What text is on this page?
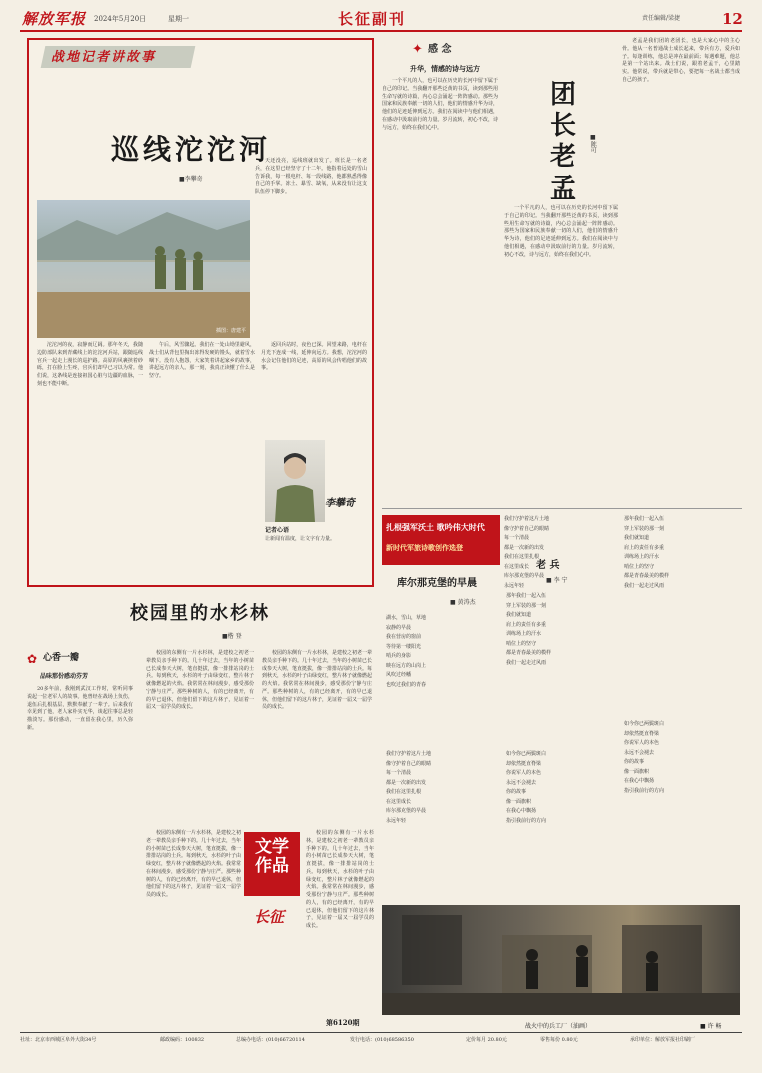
解放军报 2024年5月20日	星期一	长征副刊	责任编辑/梁捷	12
战地记者讲故事
巡线沱沱河
■李攀奇
插图：唐建平

天还没亮，巡线班就出发了。班长是一名老兵，在这里已经坚守了十二年。他指着远处的雪山告诉我，每一根电杆、每一段线路，他都熟悉得像自己的手掌。冻土、暴雪、缺氧，从来没有让这支队伍停下脚步。

沱沱河的夜，寂静而辽阔。那年冬天，我随边防部队来到青藏线上的沱沱河兵站，跟随巡线官兵一起走上漫长的巡护路。高原的风裹挟着砂砾，打在脸上生疼，官兵们却早已习以为常。他们说，这条线是连接祖国心脏与边疆的血脉，一刻也不能中断。

午后，风雪骤起。我们在一处山坳里避风，战士们从背包里掏出冻得发硬的馒头，就着雪水咽下。没有人抱怨，大家笑着讲起家乡的故事，讲起远方的亲人。那一刻，我真正读懂了什么是坚守。

返回兵站时，夜色已深。回望来路，电杆在月光下连成一线，延伸向远方。我想，沱沱河的水会记住他们的足迹，高原的风会传唱他们的故事。

李攀奇
记者心语
让新闻有温度，让文字有力量。
✦ 感 念
升华，情感的诗与远方

一个平凡的人，也可以在历史的长河中留下属于自己的印记。当我翻开那些泛黄的书页，读到那些用生命写就的诗篇，内心总会涌起一阵阵感动。那些为国家和民族奉献一切的人们，他们的情感升华为诗，他们的足迹延伸到远方。我们在阅读中与他们相遇，在感动中汲取前行的力量。岁月流转，初心不改，诗与远方，始终在我们心中。

一个平凡的人，也可以在历史的长河中留下属于自己的印记。当我翻开那些泛黄的书页，读到那些用生命写就的诗篇，内心总会涌起一阵阵感动。那些为国家和民族奉献一切的人们，他们的情感升华为诗，他们的足迹延伸到远方。我们在阅读中与他们相遇，在感动中汲取前行的力量。岁月流转，初心不改，诗与远方，始终在我们心中。

团长老孟
■陈可

老孟是我们团的老团长，也是大家心中的主心骨。他从一名普通战士成长起来，带兵有方，爱兵如子。每逢训练，他总是冲在最前面；每遇难题，他总是第一个站出来。战士们说，跟着老孟干，心里踏实。他常说，带兵就是带心，要把每一名战士都当成自己的孩子。

扎根强军沃土 歌吟伟大时代
新时代军旅诗歌创作选登
库尔那克堡的早晨
■ 黄涛杰
湖水，雪山，草地
寂静的早晨
我在营房的窗前
等待第一缕阳光
哨兵的身影
映在远方的山岗上
风吹过经幡
也吹过我们的青春
我们守护着这片土地
像守护着自己的眼睛
每一个清晨
都是一次新的出发
我们在这里扎根
在这里成长
库尔那克堡的早晨
永远年轻
我们守护着这片土地
像守护着自己的眼睛
每一个清晨
都是一次新的出发
我们在这里扎根
在这里成长
库尔那克堡的早晨
永远年轻
老 兵
■ 李 宁
那年我们一起入伍
穿上军装的那一刻
我们就知道
肩上的责任有多重
训练场上的汗水
哨位上的坚守
都是青春最美的模样
我们一起走过风雨
如今你已两鬓斑白
却依然挺直脊梁
你说军人的本色
永远不会褪去
你的故事
像一面旗帜
在我心中飘扬
指引我前行的方向
那年我们一起入伍
穿上军装的那一刻
我们就知道
肩上的责任有多重
训练场上的汗水
哨位上的坚守
都是青春最美的模样
我们一起走过风雨
如今你已两鬓斑白
却依然挺直脊梁
你说军人的本色
永远不会褪去
你的故事
像一面旗帜
在我心中飘扬
指引我前行的方向
战火中的兵工厂（油画）	■ 许 畅
校园里的水杉林
■楷 登
✿ 心香一瓣
品味那份感动芬芳

20多年前，我刚到武汉工作时，常听同事说起一位老军人的故事。他曾经在战场上负伤，退伍后扎根基层，默默奉献了一辈子。后来我有幸见到了他，老人家朴实无华，谈起往事总是轻描淡写。那份感动，一直留在我心里，历久弥新。

校园的东侧有一片水杉林，是建校之初老一辈教员亲手种下的。几十年过去，当年的小树苗已长成参天大树，笔直挺拔，像一排排站岗的士兵。每到秋天，水杉的叶子由绿变红，整片林子就像燃起的火焰。我常常在林间漫步，感受那份宁静与庄严。那些种树的人，有的已经离开，有的早已退休，但他们留下的这片林子，见证着一届又一届学员的成长。

校园的东侧有一片水杉林，是建校之初老一辈教员亲手种下的。几十年过去，当年的小树苗已长成参天大树，笔直挺拔，像一排排站岗的士兵。每到秋天，水杉的叶子由绿变红，整片林子就像燃起的火焰。我常常在林间漫步，感受那份宁静与庄严。那些种树的人，有的已经离开，有的早已退休，但他们留下的这片林子，见证着一届又一届学员的成长。

校园的东侧有一片水杉林，是建校之初老一辈教员亲手种下的。几十年过去，当年的小树苗已长成参天大树，笔直挺拔，像一排排站岗的士兵。每到秋天，水杉的叶子由绿变红，整片林子就像燃起的火焰。我常常在林间漫步，感受那份宁静与庄严。那些种树的人，有的已经离开，有的早已退休，但他们留下的这片林子，见证着一届又一届学员的成长。

校园的东侧有一片水杉林，是建校之初老一辈教员亲手种下的。几十年过去，当年的小树苗已长成参天大树，笔直挺拔，像一排排站岗的士兵。每到秋天，水杉的叶子由绿变红，整片林子就像燃起的火焰。我常常在林间漫步，感受那份宁静与庄严。那些种树的人，有的已经离开，有的早已退休，但他们留下的这片林子，见证着一届又一届学员的成长。

文学作品
长征
第6120期
社址：北京市西城区阜外大街34号	邮政编码：100832	总编办电话：(010)66720114	发行电话：(010)68586350	定价每月 20.80元	零售每份 0.80元	承印单位：解放军报社印刷厂
